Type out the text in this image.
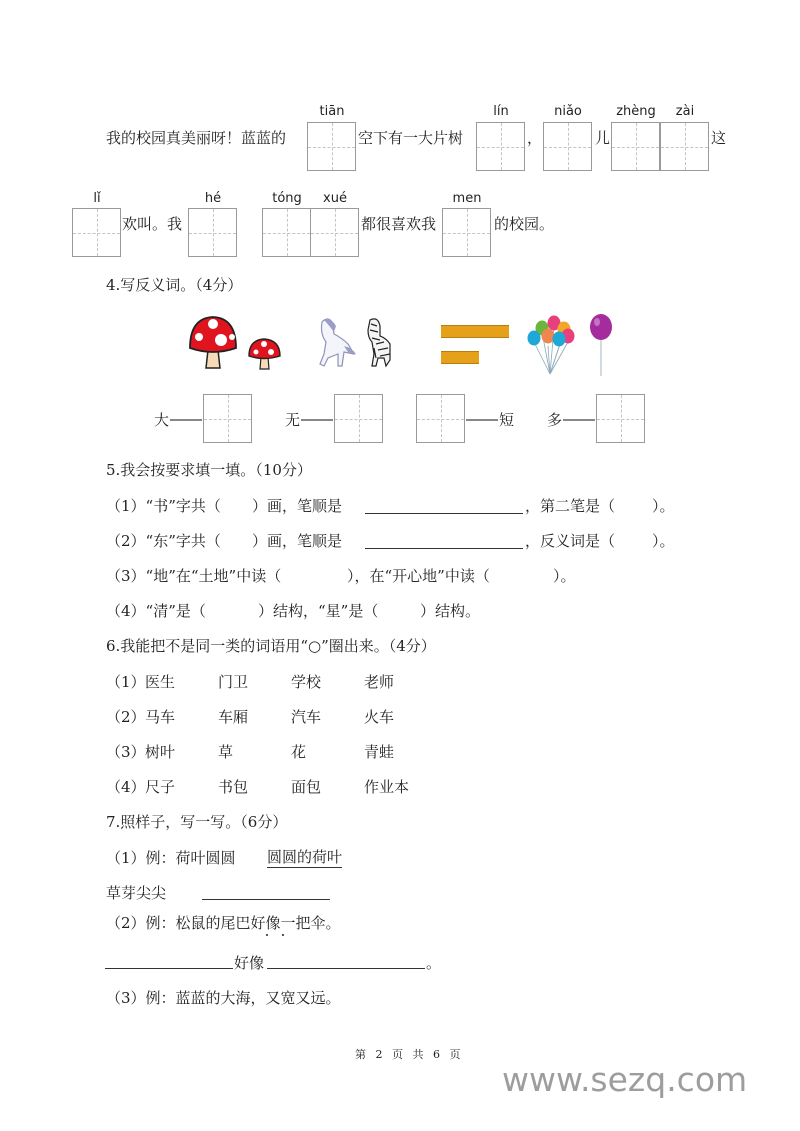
我的校园真美丽呀！蓝蓝的
tiān
空下有一大片树
lín
，
niǎo
儿
zhèng	zài
这
lǐ
欢叫。我
hé	tóng	xué
都很喜欢我
men
的校园。
4.写反义词。（4分）
大	无	短 多
5.我会按要求填一填。（10分）
（1）“书”字共（ ）画，笔顺是	，第二笔是（ ）。
（2）“东”字共（ ）画，笔顺是	，反义词是（ ）。
（3）“地”在“土地”中读（	），在“开心地”中读（	）。
（4）“清”是（	）结构，“星”是（	）结构。
6.我能把不是同一类的词语用“○”圈出来。（4分）
（1） 医生	门卫	学校	老师
（2） 马车	车厢	汽车	火车
（3） 树叶	草	花	青蛙
（4） 尺子	书包	面包	作业本
7.照样子，写一写。（6分）
（1）例：荷叶圆圆 圆圆的荷叶
草芽尖尖
（2）例：松鼠的尾巴好像一把伞。
好像	。
（3）例：蓝蓝的大海，又宽又远。
第 2 页 共 6 页
www.sezq.com
